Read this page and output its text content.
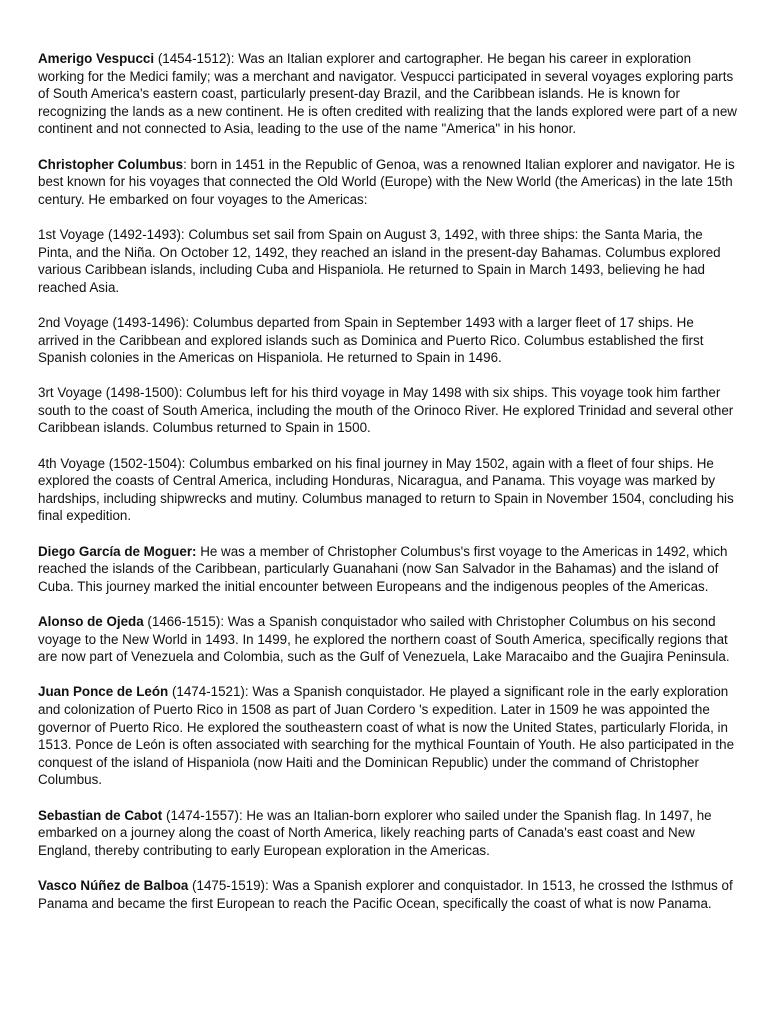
Amerigo Vespucci (1454-1512): Was an Italian explorer and cartographer. He began his career in exploration working for the Medici family; was a merchant and navigator. Vespucci participated in several voyages exploring parts of South America's eastern coast, particularly present-day Brazil, and the Caribbean islands. He is known for recognizing the lands as a new continent. He is often credited with realizing that the lands explored were part of a new continent and not connected to Asia, leading to the use of the name "America" in his honor.

Christopher Columbus: born in 1451 in the Republic of Genoa, was a renowned Italian explorer and navigator. He is best known for his voyages that connected the Old World (Europe) with the New World (the Americas) in the late 15th century. He embarked on four voyages to the Americas:

1st Voyage (1492-1493): Columbus set sail from Spain on August 3, 1492, with three ships: the Santa Maria, the Pinta, and the Niña. On October 12, 1492, they reached an island in the present-day Bahamas. Columbus explored various Caribbean islands, including Cuba and Hispaniola. He returned to Spain in March 1493, believing he had reached Asia.

2nd Voyage (1493-1496): Columbus departed from Spain in September 1493 with a larger fleet of 17 ships. He arrived in the Caribbean and explored islands such as Dominica and Puerto Rico. Columbus established the first Spanish colonies in the Americas on Hispaniola. He returned to Spain in 1496.

3rt Voyage (1498-1500): Columbus left for his third voyage in May 1498 with six ships. This voyage took him farther south to the coast of South America, including the mouth of the Orinoco River. He explored Trinidad and several other Caribbean islands. Columbus returned to Spain in 1500.

4th Voyage (1502-1504): Columbus embarked on his final journey in May 1502, again with a fleet of four ships. He explored the coasts of Central America, including Honduras, Nicaragua, and Panama. This voyage was marked by hardships, including shipwrecks and mutiny. Columbus managed to return to Spain in November 1504, concluding his final expedition.

Diego García de Moguer: He was a member of Christopher Columbus's first voyage to the Americas in 1492, which reached the islands of the Caribbean, particularly Guanahani (now San Salvador in the Bahamas) and the island of Cuba. This journey marked the initial encounter between Europeans and the indigenous peoples of the Americas.

Alonso de Ojeda (1466-1515): Was a Spanish conquistador who sailed with Christopher Columbus on his second voyage to the New World in 1493. In 1499, he explored the northern coast of South America, specifically regions that are now part of Venezuela and Colombia, such as the Gulf of Venezuela, Lake Maracaibo and the Guajira Peninsula.

Juan Ponce de León (1474-1521): Was a Spanish conquistador. He played a significant role in the early exploration and colonization of Puerto Rico in 1508 as part of Juan Cordero 's expedition. Later in 1509 he was appointed the governor of Puerto Rico. He explored the southeastern coast of what is now the United States, particularly Florida, in 1513. Ponce de León is often associated with searching for the mythical Fountain of Youth. He also participated in the conquest of the island of Hispaniola (now Haiti and the Dominican Republic) under the command of Christopher Columbus.

Sebastian de Cabot (1474-1557): He was an Italian-born explorer who sailed under the Spanish flag. In 1497, he embarked on a journey along the coast of North America, likely reaching parts of Canada's east coast and New England, thereby contributing to early European exploration in the Americas.

Vasco Núñez de Balboa (1475-1519): Was a Spanish explorer and conquistador. In 1513, he crossed the Isthmus of Panama and became the first European to reach the Pacific Ocean, specifically the coast of what is now Panama.
